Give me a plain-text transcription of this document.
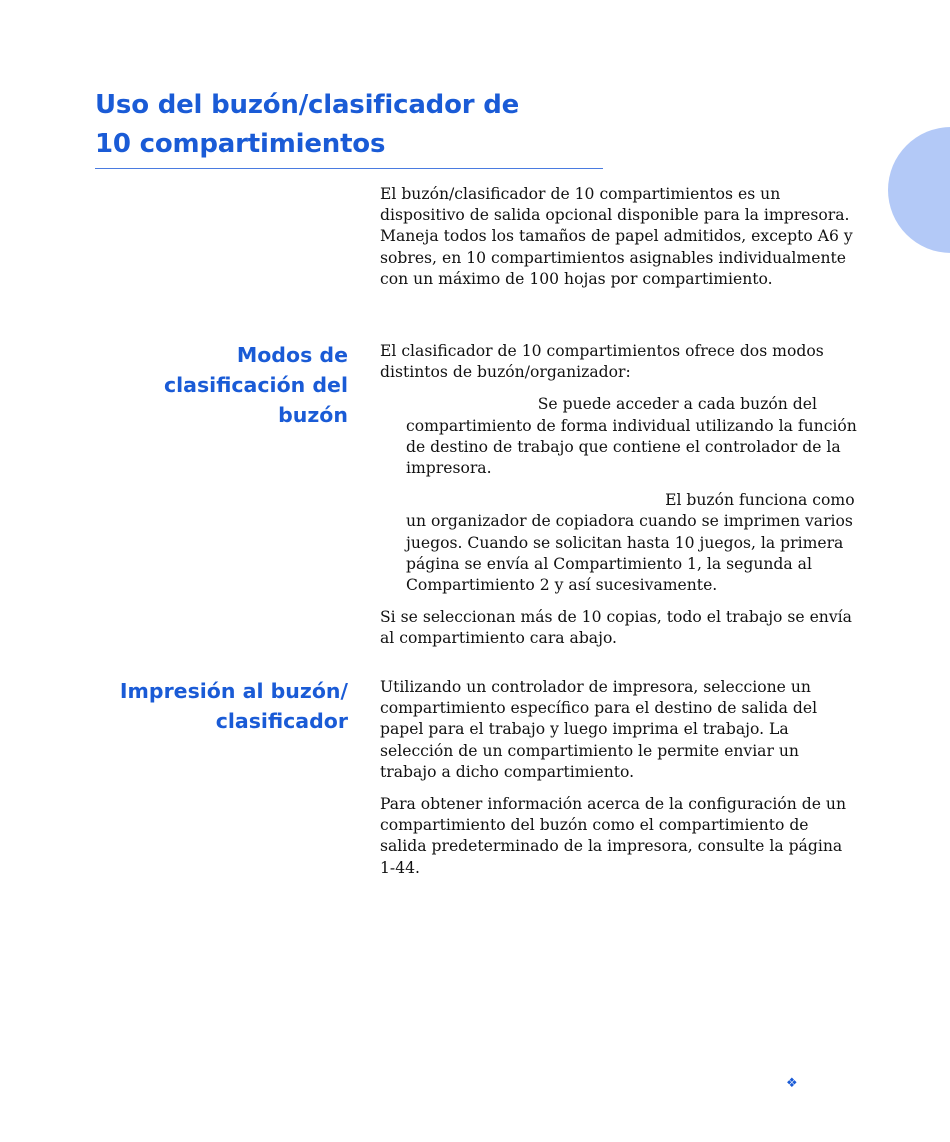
Uso del buzón/clasificador de
10 compartimientos

El buzón/clasificador de 10 compartimientos es un dispositivo de salida opcional disponible para la impresora. Maneja todos los tamaños de papel admitidos, excepto A6 y sobres, en 10 compartimientos asignables individualmente con un máximo de 100 hojas por compartimiento.

Modos de
clasificación del
buzón

El clasificador de 10 compartimientos ofrece dos modos distintos de buzón/organizador:

Se puede acceder a cada buzón del compartimiento de forma individual utilizando la función de destino de trabajo que contiene el controlador de la impresora.

El buzón funciona como un organizador de copiadora cuando se imprimen varios juegos. Cuando se solicitan hasta 10 juegos, la primera página se envía al Compartimiento 1, la segunda al Compartimiento 2 y así sucesivamente.

Si se seleccionan más de 10 copias, todo el trabajo se envía al compartimiento cara abajo.

Impresión al buzón/
clasificador

Utilizando un controlador de impresora, seleccione un compartimiento específico para el destino de salida del papel para el trabajo y luego imprima el trabajo. La selección de un compartimiento le permite enviar un trabajo a dicho compartimiento.

Para obtener información acerca de la configuración de un compartimiento del buzón como el compartimiento de salida predeterminado de la impresora, consulte la página 1-44.

❖
